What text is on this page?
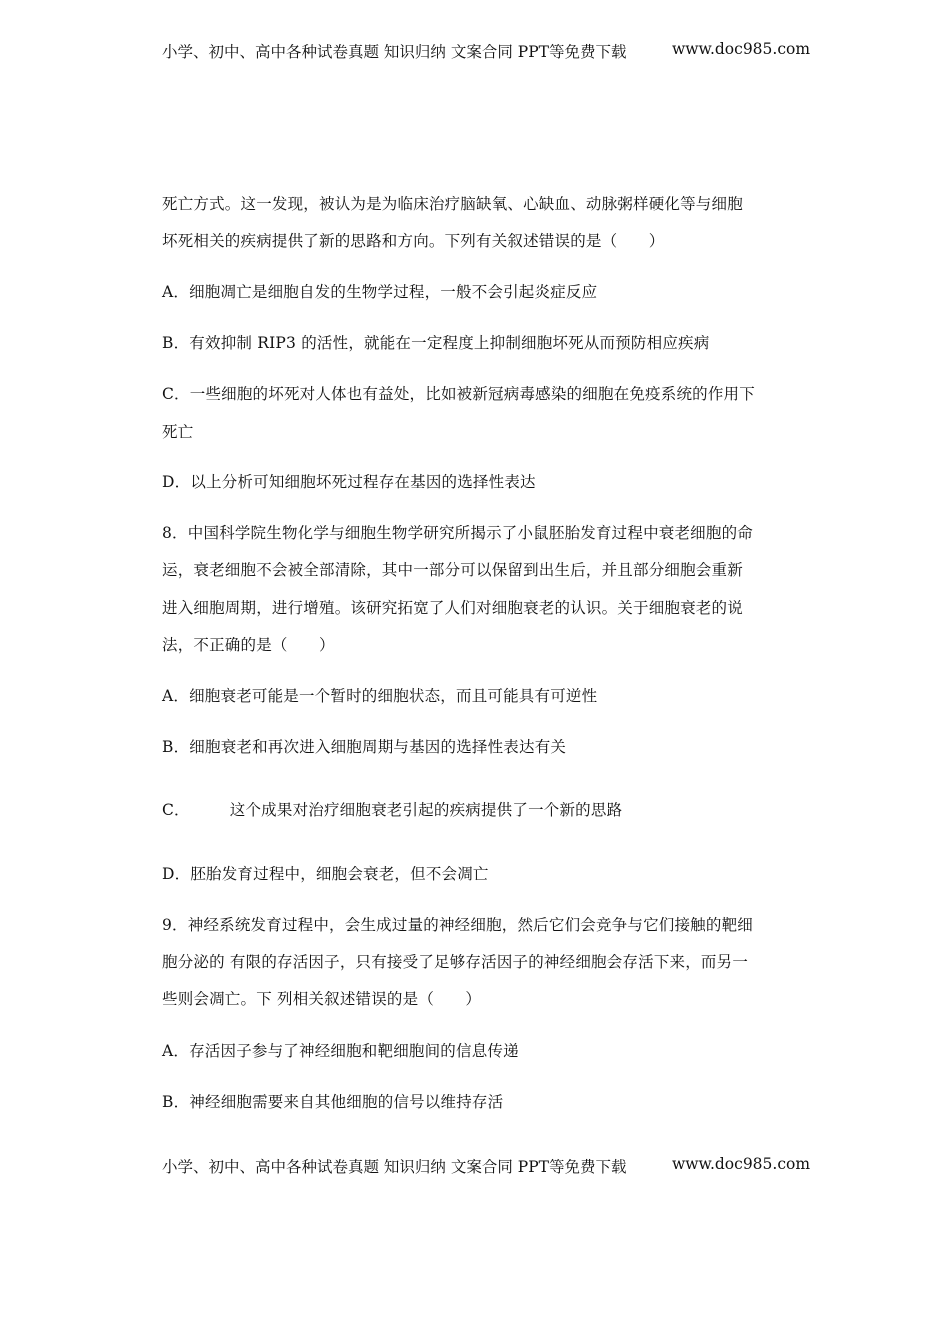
小学、初中、高中各种试卷真题 知识归纳 文案合同 PPT等免费下载	www.doc985.com
死亡方式。这一发现，被认为是为临床治疗脑缺氧、心缺血、动脉粥样硬化等与细胞
坏死相关的疾病提供了新的思路和方向。下列有关叙述错误的是（　　）
A．细胞凋亡是细胞自发的生物学过程，一般不会引起炎症反应
B．有效抑制 RIP3 的活性，就能在一定程度上抑制细胞坏死从而预防相应疾病
C．一些细胞的坏死对人体也有益处，比如被新冠病毒感染的细胞在免疫系统的作用下
死亡
D．以上分析可知细胞坏死过程存在基因的选择性表达
8．中国科学院生物化学与细胞生物学研究所揭示了小鼠胚胎发育过程中衰老细胞的命
运，衰老细胞不会被全部清除，其中一部分可以保留到出生后，并且部分细胞会重新
进入细胞周期，进行增殖。该研究拓宽了人们对细胞衰老的认识。关于细胞衰老的说
法，不正确的是（　　）
A．细胞衰老可能是一个暂时的细胞状态，而且可能具有可逆性
B．细胞衰老和再次进入细胞周期与基因的选择性表达有关
C．	这个成果对治疗细胞衰老引起的疾病提供了一个新的思路
D．胚胎发育过程中，细胞会衰老，但不会凋亡
9．神经系统发育过程中，会生成过量的神经细胞，然后它们会竞争与它们接触的靶细
胞分泌的 有限的存活因子，只有接受了足够存活因子的神经细胞会存活下来，而另一
些则会凋亡。下 列相关叙述错误的是（　　）
A．存活因子参与了神经细胞和靶细胞间的信息传递
B．神经细胞需要来自其他细胞的信号以维持存活
小学、初中、高中各种试卷真题 知识归纳 文案合同 PPT等免费下载	www.doc985.com
